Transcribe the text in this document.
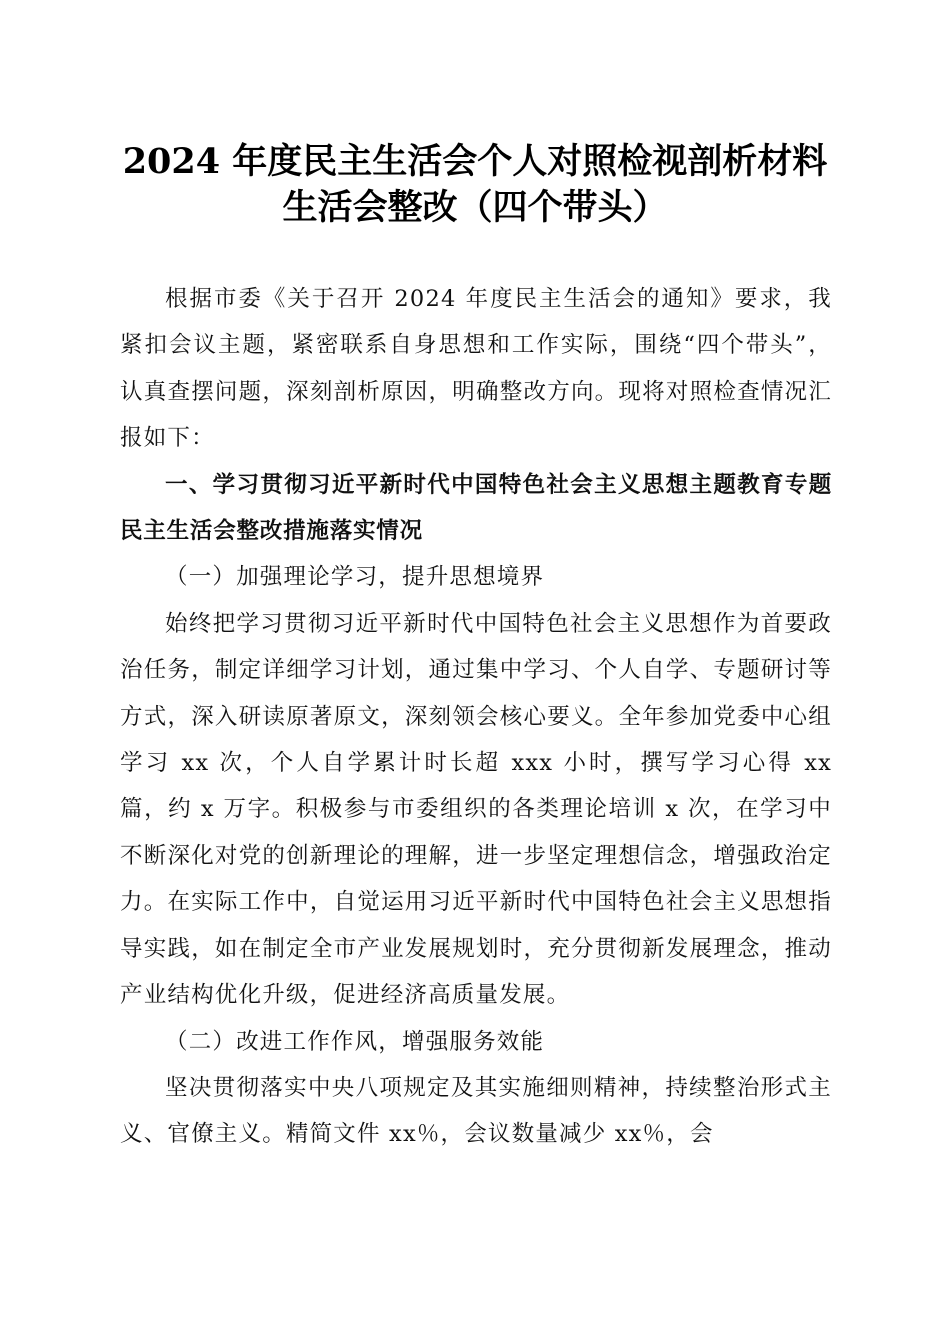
2024 年度民主生活会个人对照检视剖析材料
生活会整改（四个带头）

根据市委《关于召开 2024 年度民主生活会的通知》要求，我紧扣会议主题，紧密联系自身思想和工作实际，围绕“四个带头”，认真查摆问题，深刻剖析原因，明确整改方向。现将对照检查情况汇报如下：

一、学习贯彻习近平新时代中国特色社会主义思想主题教育专题民主生活会整改措施落实情况

（一）加强理论学习，提升思想境界

始终把学习贯彻习近平新时代中国特色社会主义思想作为首要政治任务，制定详细学习计划，通过集中学习、个人自学、专题研讨等方式，深入研读原著原文，深刻领会核心要义。全年参加党委中心组学习 xx 次，个人自学累计时长超 xxx 小时，撰写学习心得 xx 篇，约 x 万字。积极参与市委组织的各类理论培训 x 次，在学习中不断深化对党的创新理论的理解，进一步坚定理想信念，增强政治定力。在实际工作中，自觉运用习近平新时代中国特色社会主义思想指导实践，如在制定全市产业发展规划时，充分贯彻新发展理念，推动产业结构优化升级，促进经济高质量发展。

（二）改进工作作风，增强服务效能

坚决贯彻落实中央八项规定及其实施细则精神，持续整治形式主义、官僚主义。精简文件 xx％，会议数量减少 xx％，会
